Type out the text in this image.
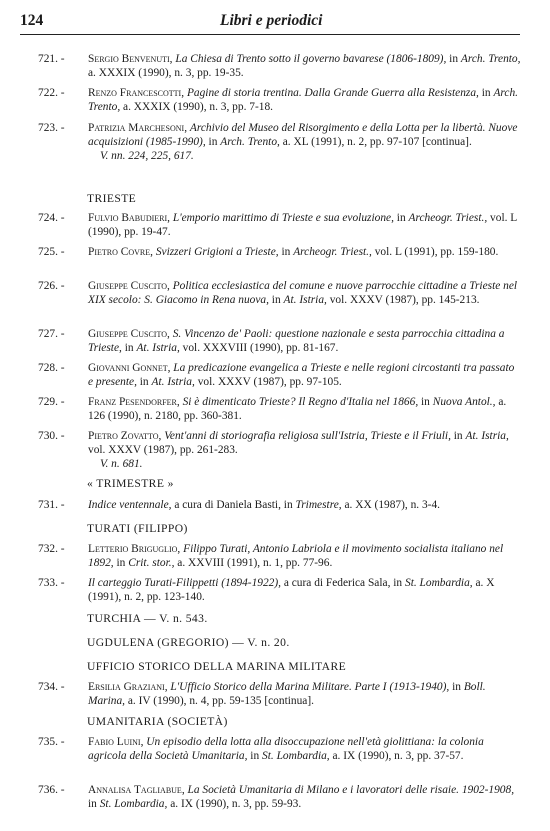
124	Libri e periodici
721. -	Sergio Benvenuti, La Chiesa di Trento sotto il governo bavarese (1806-1809), in Arch. Trento, a. XXXIX (1990), n. 3, pp. 19-35.
722. -	Renzo Francescotti, Pagine di storia trentina. Dalla Grande Guerra alla Resistenza, in Arch. Trento, a. XXXIX (1990), n. 3, pp. 7-18.
723. -	Patrizia Marchesoni, Archivio del Museo del Risorgimento e della Lotta per la libertà. Nuove acquisizioni (1985-1990), in Arch. Trento, a. XL (1991), n. 2, pp. 97-107 [continua].
V. nn. 224, 225, 617.
TRIESTE
724. -	Fulvio Babudieri, L'emporio marittimo di Trieste e sua evoluzione, in Archeogr. Triest., vol. L (1990), pp. 19-47.
725. -	Pietro Covre, Svizzeri Grigioni a Trieste, in Archeogr. Triest., vol. L (1991), pp. 159-180.
726. -	Giuseppe Cuscito, Politica ecclesiastica del comune e nuove parrocchie cittadine a Trieste nel XIX secolo: S. Giacomo in Rena nuova, in At. Istria, vol. XXXV (1987), pp. 145-213.
727. -	Giuseppe Cuscito, S. Vincenzo de' Paoli: questione nazionale e sesta parrocchia cittadina a Trieste, in At. Istria, vol. XXXVIII (1990), pp. 81-167.
728. -	Giovanni Gonnet, La predicazione evangelica a Trieste e nelle regioni circostanti tra passato e presente, in At. Istria, vol. XXXV (1987), pp. 97-105.
729. -	Franz Pesendorfer, Si è dimenticato Trieste? Il Regno d'Italia nel 1866, in Nuova Antol., a. 126 (1990), n. 2180, pp. 360-381.
730. -	Pietro Zovatto, Vent'anni di storiografia religiosa sull'Istria, Trieste e il Friuli, in At. Istria, vol. XXXV (1987), pp. 261-283.
V. n. 681.
« TRIMESTRE »
731. -	Indice ventennale, a cura di Daniela Basti, in Trimestre, a. XX (1987), n. 3-4.
TURATI (FILIPPO)
732. -	Letterio Briguglio, Filippo Turati, Antonio Labriola e il movimento socialista italiano nel 1892, in Crit. stor., a. XXVIII (1991), n. 1, pp. 77-96.
733. -	Il carteggio Turati-Filippetti (1894-1922), a cura di Federica Sala, in St. Lombardia, a. X (1991), n. 2, pp. 123-140.
TURCHIA — V. n. 543.
UGDULENA (GREGORIO) — V. n. 20.
UFFICIO STORICO DELLA MARINA MILITARE
734. -	Ersilia Graziani, L'Ufficio Storico della Marina Militare. Parte I (1913-1940), in Boll. Marina, a. IV (1990), n. 4, pp. 59-135 [continua].
UMANITARIA (SOCIETÀ)
735. -	Fabio Luini, Un episodio della lotta alla disoccupazione nell'età giolittiana: la colonia agricola della Società Umanitaria, in St. Lombardia, a. IX (1990), n. 3, pp. 37-57.
736. -	Annalisa Tagliabue, La Società Umanitaria di Milano e i lavoratori delle risaie. 1902-1908, in St. Lombardia, a. IX (1990), n. 3, pp. 59-93.
